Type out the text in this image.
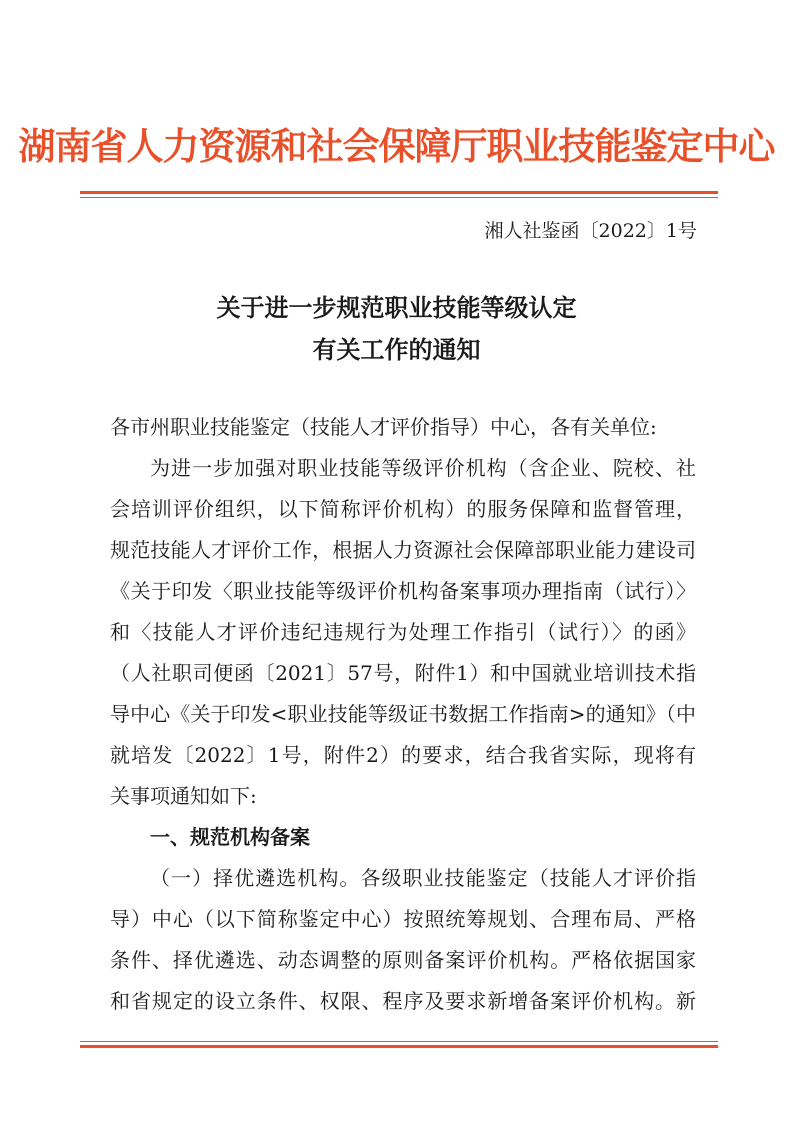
湖南省人力资源和社会保障厅职业技能鉴定中心
湘人社鉴函〔2022〕1号
关于进一步规范职业技能等级认定
有关工作的通知
各市州职业技能鉴定（技能人才评价指导）中心，各有关单位:
为进一步加强对职业技能等级评价机构（含企业、院校、社
会培训评价组织，以下简称评价机构）的服务保障和监督管理，
规范技能人才评价工作，根据人力资源社会保障部职业能力建设司
《关于印发〈职业技能等级评价机构备案事项办理指南（试行）〉
和〈技能人才评价违纪违规行为处理工作指引（试行）〉的函》
（人社职司便函〔2021〕57号，附件1）和中国就业培训技术指
导中心《关于印发<职业技能等级证书数据工作指南>的通知》（中
就培发〔2022〕1号，附件2）的要求，结合我省实际，现将有
关事项通知如下:
一、规范机构备案
（一）择优遴选机构。各级职业技能鉴定（技能人才评价指
导）中心（以下简称鉴定中心）按照统筹规划、合理布局、严格
条件、择优遴选、动态调整的原则备案评价机构。严格依据国家
和省规定的设立条件、权限、程序及要求新增备案评价机构。新
